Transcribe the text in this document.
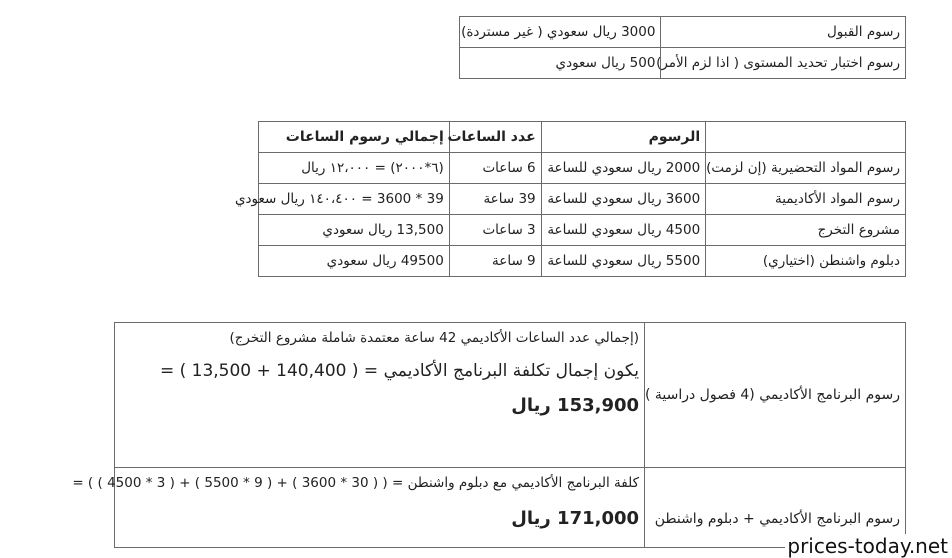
رسوم القبول	3000 ريال سعودي ( غير مستردة)
رسوم اختبار تحديد المستوى ( اذا لزم الأمر)	500 ريال سعودي
	الرسوم	عدد الساعات	إجمالي رسوم الساعات
رسوم المواد التحضيرية (إن لزمت)	2000 ريال سعودي للساعة	6 ساعات	(٦*٢٠٠٠) = ١٢،٠٠٠ ريال
رسوم المواد الأكاديمية	3600 ريال سعودي للساعة	39 ساعة	39 * 3600 = ١٤٠،٤٠٠ ريال سعودي
مشروع التخرج	4500 ريال سعودي للساعة	3 ساعات	13,500 ريال سعودي
دبلوم واشنطن (اختياري)	5500 ريال سعودي للساعة	9 ساعة	49500 ريال سعودي
رسوم البرنامج الأكاديمي (4 فصول دراسية )	(إجمالي عدد الساعات الأكاديمي 42 ساعة معتمدة شاملة مشروع التخرج)
يكون إجمال تكلفة البرنامج الأكاديمي = ( 140,400 + 13,500 ) =
153,900 ريال

رسوم البرنامج الأكاديمي + دبلوم واشنطن	كلفة البرنامج الأكاديمي مع دبلوم واشنطن = ( ( 30 * 3600 ) + ( 9 * 5500 ) + ( 3 * 4500 ) ) =
171,000 ريال
prices-today.net
